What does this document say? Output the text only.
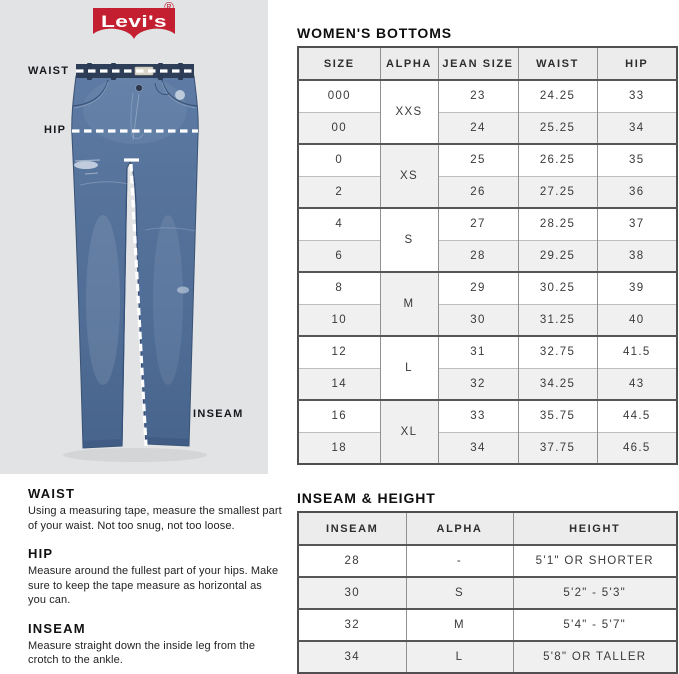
Levi's
®
WAIST
HIP
INSEAM
WAIST
Using a measuring tape, measure the smallest part of your waist. Not too snug, not too loose.
HIP
Measure around the fullest part of your hips. Make sure to keep the tape measure as horizontal as you can.
INSEAM
Measure straight down the inside leg from the crotch to the ankle.
WOMEN'S BOTTOMS
SIZE	ALPHA	JEAN SIZE	WAIST	HIP
000	XXS	23	24.25	33
00		24	25.25	34
0	XS	25	26.25	35
2		26	27.25	36
4	S	27	28.25	37
6		28	29.25	38
8	M	29	30.25	39
10		30	31.25	40
12	L	31	32.75	41.5
14		32	34.25	43
16	XL	33	35.75	44.5
18		34	37.75	46.5
INSEAM & HEIGHT
INSEAM	ALPHA	HEIGHT
28	-	5'1" OR SHORTER
30	S	5'2" - 5'3"
32	M	5'4" - 5'7"
34	L	5'8" OR TALLER
